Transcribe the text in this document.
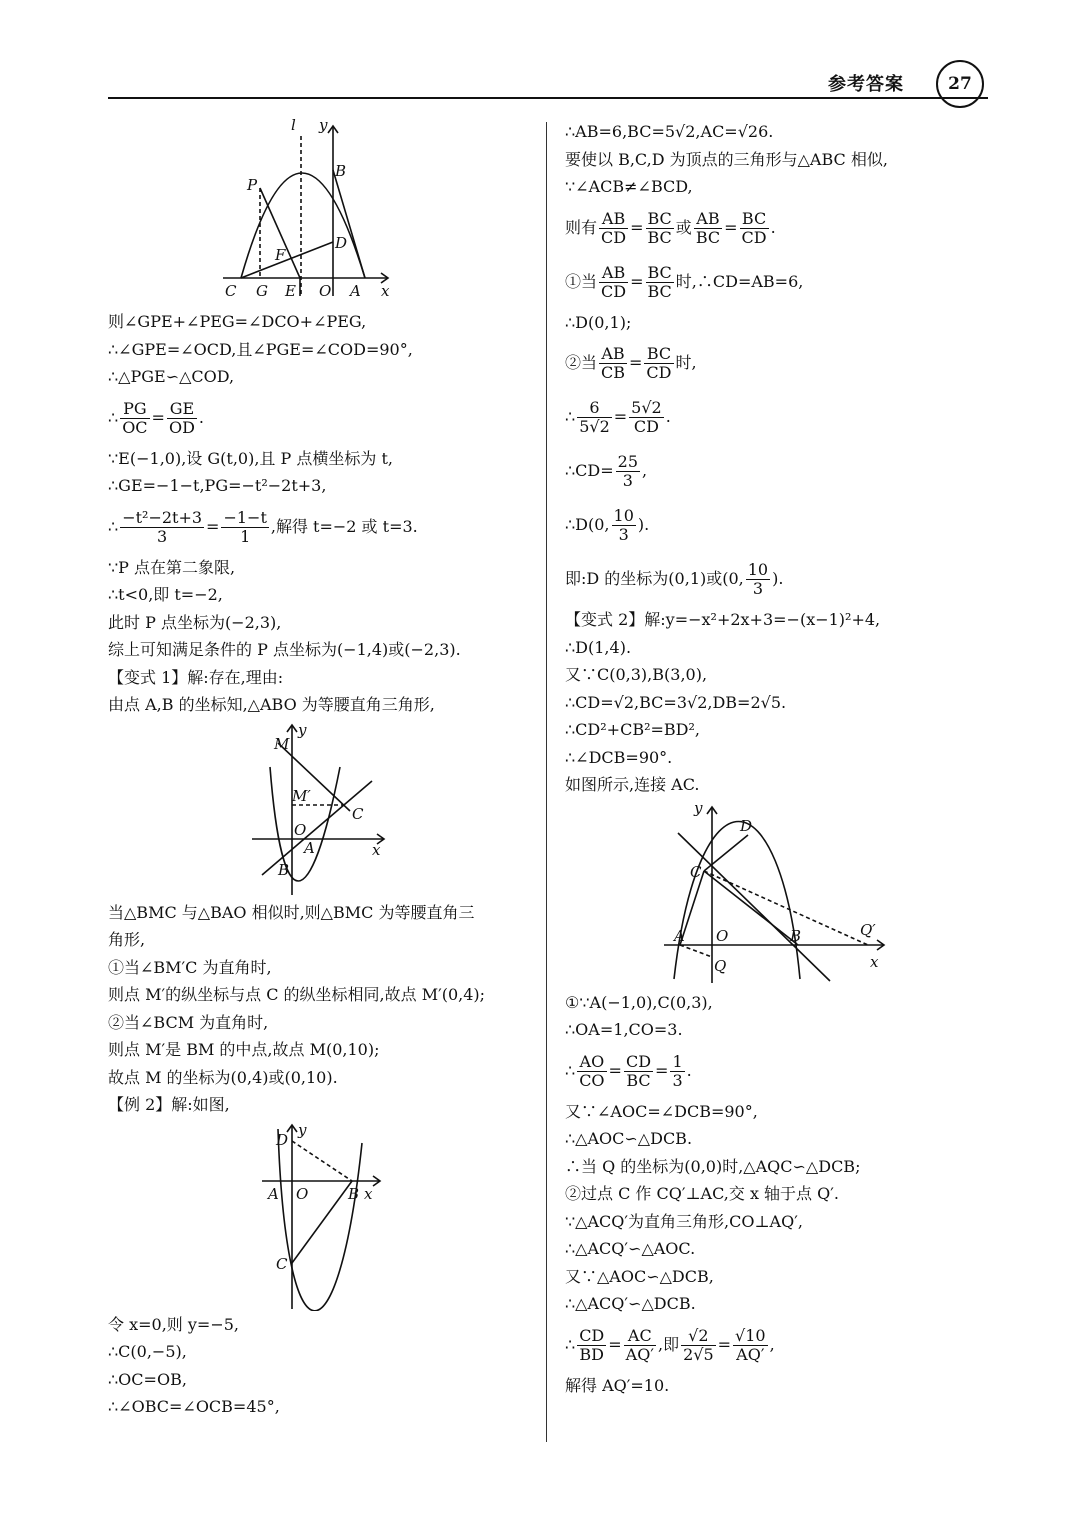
参考答案	27
l y
B
P
D
F
C G E O A x
则∠GPE+∠PEG=∠DCO+∠PEG,
∴∠GPE=∠OCD,且∠PGE=∠COD=90°,
∴△PGE∽△COD,
∴ $\frac{PG}{OC} = \frac{GE}{OD}$ .
∵E(−1,0),设 G(t,0),且 P 点横坐标为 t,
∴GE=−1−t,PG=−t²−2t+3,
∴ $\frac{\text{−t²−2t+3}}{3} = \frac{-1-t}{1}$ ,解得 t=−2 或 t=3.
∵P 点在第二象限,
∴t<0,即 t=−2,
此时 P 点坐标为(−2,3),
综上可知满足条件的 P 点坐标为(−1,4)或(−2,3).
【变式 1】解:存在,理由:
由点 A,B 的坐标知,△ABO 为等腰直角三角形,
M
y
M′
C
O
A
B
x
当△BMC 与△BAO 相似时,则△BMC 为等腰直角三
角形,
①当∠BM′C 为直角时,
则点 M′的纵坐标与点 C 的纵坐标相同,故点 M′(0,4);
②当∠BCM 为直角时,
则点 M′是 BM 的中点,故点 M(0,10);
故点 M 的坐标为(0,4)或(0,10).
【例 2】解:如图,
D
y
A O	B x
C
令 x=0,则 y=−5,
∴C(0,−5),
∴OC=OB,
∴∠OBC=∠OCB=45°,
∴AB=6,BC=5√2,AC=√26.
要使以 B,C,D 为顶点的三角形与△ABC 相似,
∵∠ACB≠∠BCD,
则有 $\frac{AB}{CD} = \frac{BC}{BC}$ 或 $\frac{AB}{BC} = \frac{BC}{CD}$ .
①当 $\frac{AB}{CD} = \frac{BC}{BC}$ 时,∴CD=AB=6,
∴D(0,1);
②当 $\frac{AB}{CB} = \frac{BC}{CD}$ 时,
∴ $\frac{6}{5√2} = \frac{5√2}{CD}$ .
∴CD= $\frac{25}{3}$ ,
∴D(0, $\frac{10}{3}$ ).
即:D 的坐标为(0,1)或(0, $\frac{10}{3}$ ).
【变式 2】解:y=−x²+2x+3=−(x−1)²+4,
∴D(1,4).
又∵C(0,3),B(3,0),
∴CD=√2,BC=3√2,DB=2√5.
∴CD²+CB²=BD²,
∴∠DCB=90°.
如图所示,连接 AC.
y
D
C
A O	B	Q′
Q	x
①∵A(−1,0),C(0,3),
∴OA=1,CO=3.
∴ $\frac{AO}{CO} = \frac{CD}{BC} = \frac{1}{3}$ .
又∵∠AOC=∠DCB=90°,
∴△AOC∽△DCB.
∴当 Q 的坐标为(0,0)时,△AQC∽△DCB;
②过点 C 作 CQ′⊥AC,交 x 轴于点 Q′.
∵△ACQ′为直角三角形,CO⊥AQ′,
∴△ACQ′∽△AOC.
又∵△AOC∽△DCB,
∴△ACQ′∽△DCB.
∴ $\frac{CD}{BD} = \frac{AC}{AQ'}$ ,即 $\frac{√2}{2√5} = \frac{√10}{AQ'}$ ,
解得 AQ′=10.
